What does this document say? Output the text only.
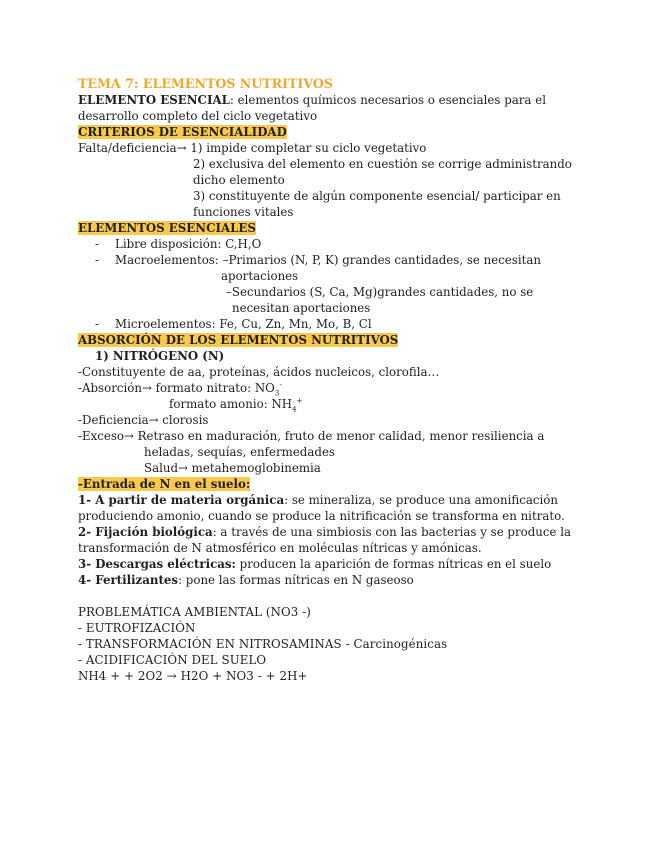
TEMA 7: ELEMENTOS NUTRITIVOS
ELEMENTO ESENCIAL: elementos químicos necesarios o esenciales para el
desarrollo completo del ciclo vegetativo
CRITERIOS DE ESENCIALIDAD
Falta/deficiencia→ 1) impide completar su ciclo vegetativo
2) exclusiva del elemento en cuestión se corrige administrando
dicho elemento
3) constituyente de algún componente esencial/ participar en
funciones vitales
ELEMENTOS ESENCIALES
- Libre disposición: C,H,O
- Macroelementos: –Primarios (N, P, K) grandes cantidades, se necesitan
aportaciones
–Secundarios (S, Ca, Mg)grandes cantidades, no se
necesitan aportaciones
- Microelementos: Fe, Cu, Zn, Mn, Mo, B, Cl
ABSORCIÓN DE LOS ELEMENTOS NUTRITIVOS
1) NITRÓGENO (N)
-Constituyente de aa, proteínas, ácidos nucleicos, clorofila…
-Absorción→ formato nitrato: $NO_3^-$
formato amonio: $NH_4^+$
-Deficiencia→ clorosis
-Exceso→ Retraso en maduración, fruto de menor calidad, menor resiliencia a
heladas, sequías, enfermedades
Salud→ metahemoglobinemia
-Entrada de N en el suelo:
1- A partir de materia orgánica: se mineraliza, se produce una amonificación
produciendo amonio, cuando se produce la nitrificación se transforma en nitrato.
2- Fijación biológica: a través de una simbiosis con las bacterias y se produce la
transformación de N atmosférico en moléculas nítricas y amónicas.
3- Descargas eléctricas: producen la aparición de formas nítricas en el suelo
4- Fertilizantes: pone las formas nítricas en N gaseoso
PROBLEMÁTICA AMBIENTAL (NO3 -)
- EUTROFIZACIÓN
- TRANSFORMACIÓN EN NITROSAMINAS - Carcinogénicas
- ACIDIFICACIÓN DEL SUELO
NH4 + + 2O2 → H2O + NO3 - + 2H+
